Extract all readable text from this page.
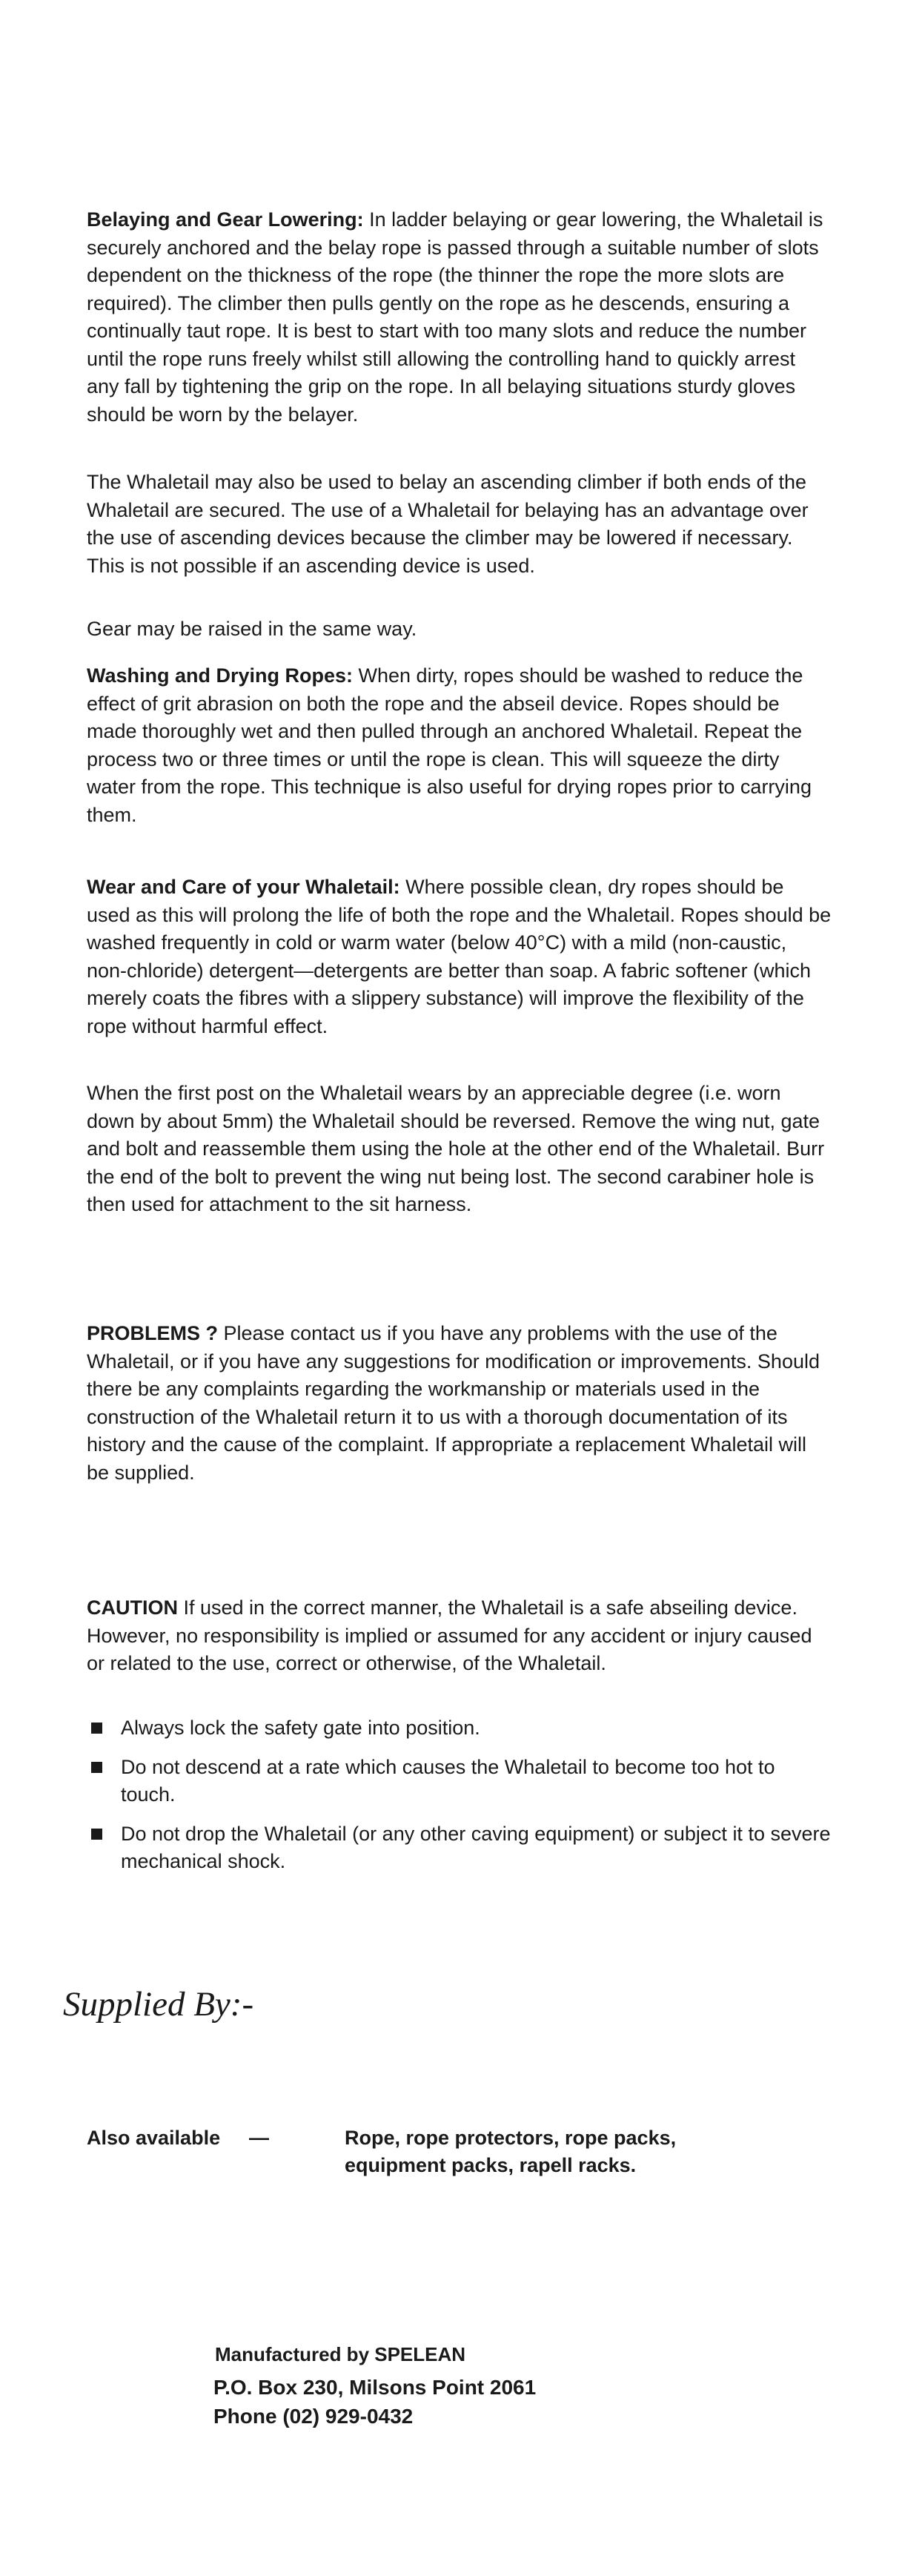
Belaying and Gear Lowering: In ladder belaying or gear lowering, the Whaletail is securely anchored and the belay rope is passed through a suitable number of slots dependent on the thickness of the rope (the thinner the rope the more slots are required). The climber then pulls gently on the rope as he descends, ensuring a continually taut rope. It is best to start with too many slots and reduce the number until the rope runs freely whilst still allowing the controlling hand to quickly arrest any fall by tightening the grip on the rope. In all belaying situations sturdy gloves should be worn by the belayer.

The Whaletail may also be used to belay an ascending climber if both ends of the Whaletail are secured. The use of a Whaletail for belaying has an advantage over the use of ascending devices because the climber may be lowered if necessary. This is not possible if an ascending device is used.

Gear may be raised in the same way.

Washing and Drying Ropes: When dirty, ropes should be washed to reduce the effect of grit abrasion on both the rope and the abseil device. Ropes should be made thoroughly wet and then pulled through an anchored Whaletail. Repeat the process two or three times or until the rope is clean. This will squeeze the dirty water from the rope. This technique is also useful for drying ropes prior to carrying them.

Wear and Care of your Whaletail: Where possible clean, dry ropes should be used as this will prolong the life of both the rope and the Whaletail. Ropes should be washed frequently in cold or warm water (below 40°C) with a mild (non-caustic, non-chloride) detergent—detergents are better than soap. A fabric softener (which merely coats the fibres with a slippery substance) will improve the flexibility of the rope without harmful effect.

When the first post on the Whaletail wears by an appreciable degree (i.e. worn down by about 5mm) the Whaletail should be reversed. Remove the wing nut, gate and bolt and reassemble them using the hole at the other end of the Whaletail. Burr the end of the bolt to prevent the wing nut being lost. The second carabiner hole is then used for attachment to the sit harness.

PROBLEMS ? Please contact us if you have any problems with the use of the Whaletail, or if you have any suggestions for modification or improvements. Should there be any complaints regarding the workmanship or materials used in the construction of the Whaletail return it to us with a thorough documentation of its history and the cause of the complaint. If appropriate a replacement Whaletail will be supplied.

CAUTION If used in the correct manner, the Whaletail is a safe abseiling device. However, no responsibility is implied or assumed for any accident or injury caused or related to the use, correct or otherwise, of the Whaletail.

Always lock the safety gate into position.
Do not descend at a rate which causes the Whaletail to become too hot to touch.
Do not drop the Whaletail (or any other caving equipment) or subject it to severe mechanical shock.
Supplied By:-
Also available —	Rope, rope protectors, rope packs,
equipment packs, rapell racks.
Manufactured by SPELEAN
P.O. Box 230, Milsons Point 2061
Phone (02) 929-0432
